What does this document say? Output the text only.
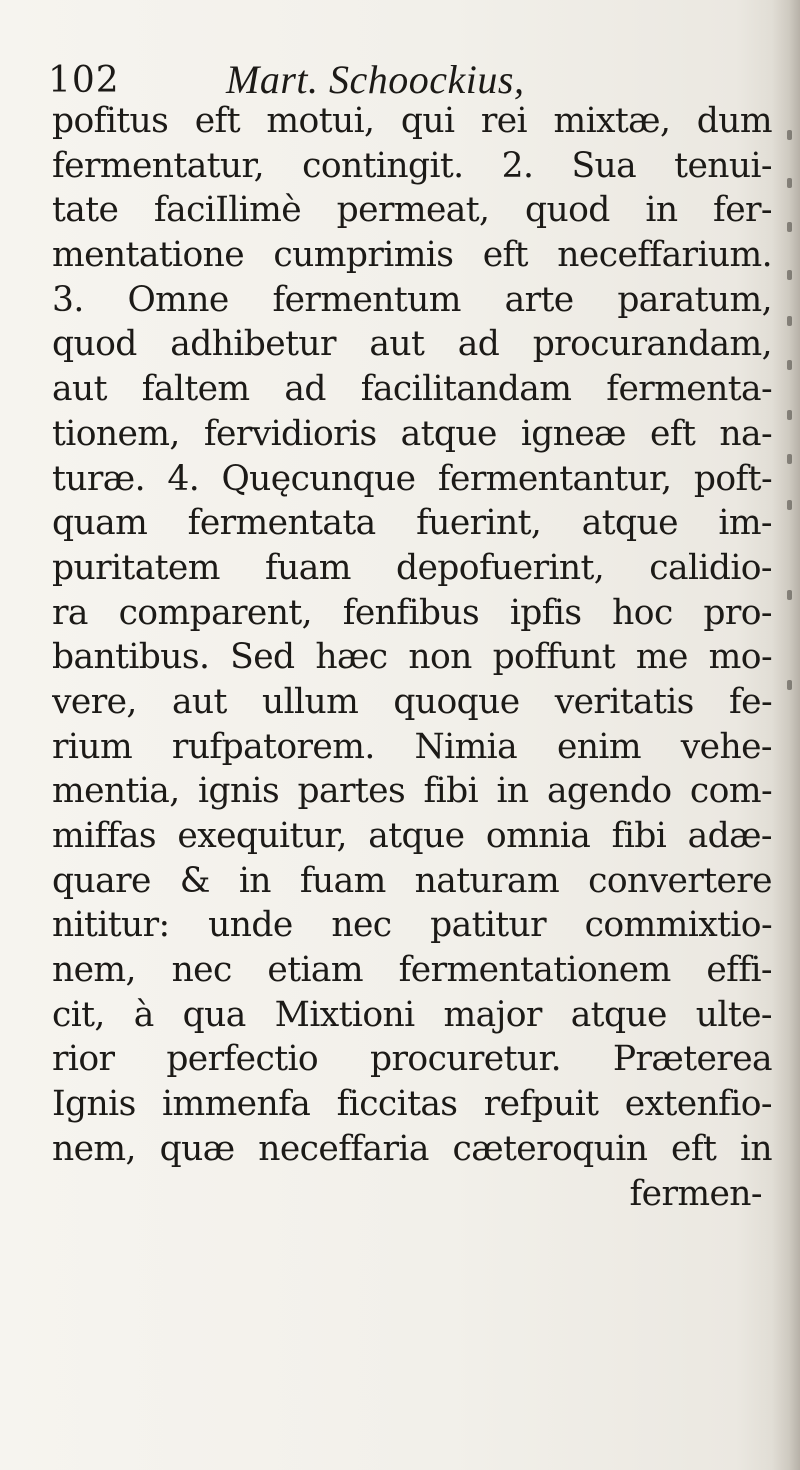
102	Mart. Schoockius,
pofitus eft motui, qui rei mixtæ, dum
fermentatur, contingit. 2. Sua tenui-
tate faciIlimè permeat, quod in fer-
mentatione cumprimis eft neceffarium.
3. Omne fermentum arte paratum,
quod adhibetur aut ad procurandam,
aut faltem ad facilitandam fermenta-
tionem, fervidioris atque igneæ eft na-
turæ. 4. Quęcunque fermentantur, poft-
quam fermentata fuerint, atque im-
puritatem fuam depofuerint, calidio-
ra comparent, fenfibus ipfis hoc pro-
bantibus. Sed hæc non poffunt me mo-
vere, aut ullum quoque veritatis fe-
rium rufpatorem. Nimia enim vehe-
mentia, ignis partes fibi in agendo com-
miffas exequitur, atque omnia fibi adæ-
quare & in fuam naturam convertere
nititur: unde nec patitur commixtio-
nem, nec etiam fermentationem effi-
cit, à qua Mixtioni major atque ulte-
rior perfectio procuretur. Præterea
Ignis immenfa ficcitas refpuit extenfio-
nem, quæ neceffaria cæteroquin eft in
fermen-
